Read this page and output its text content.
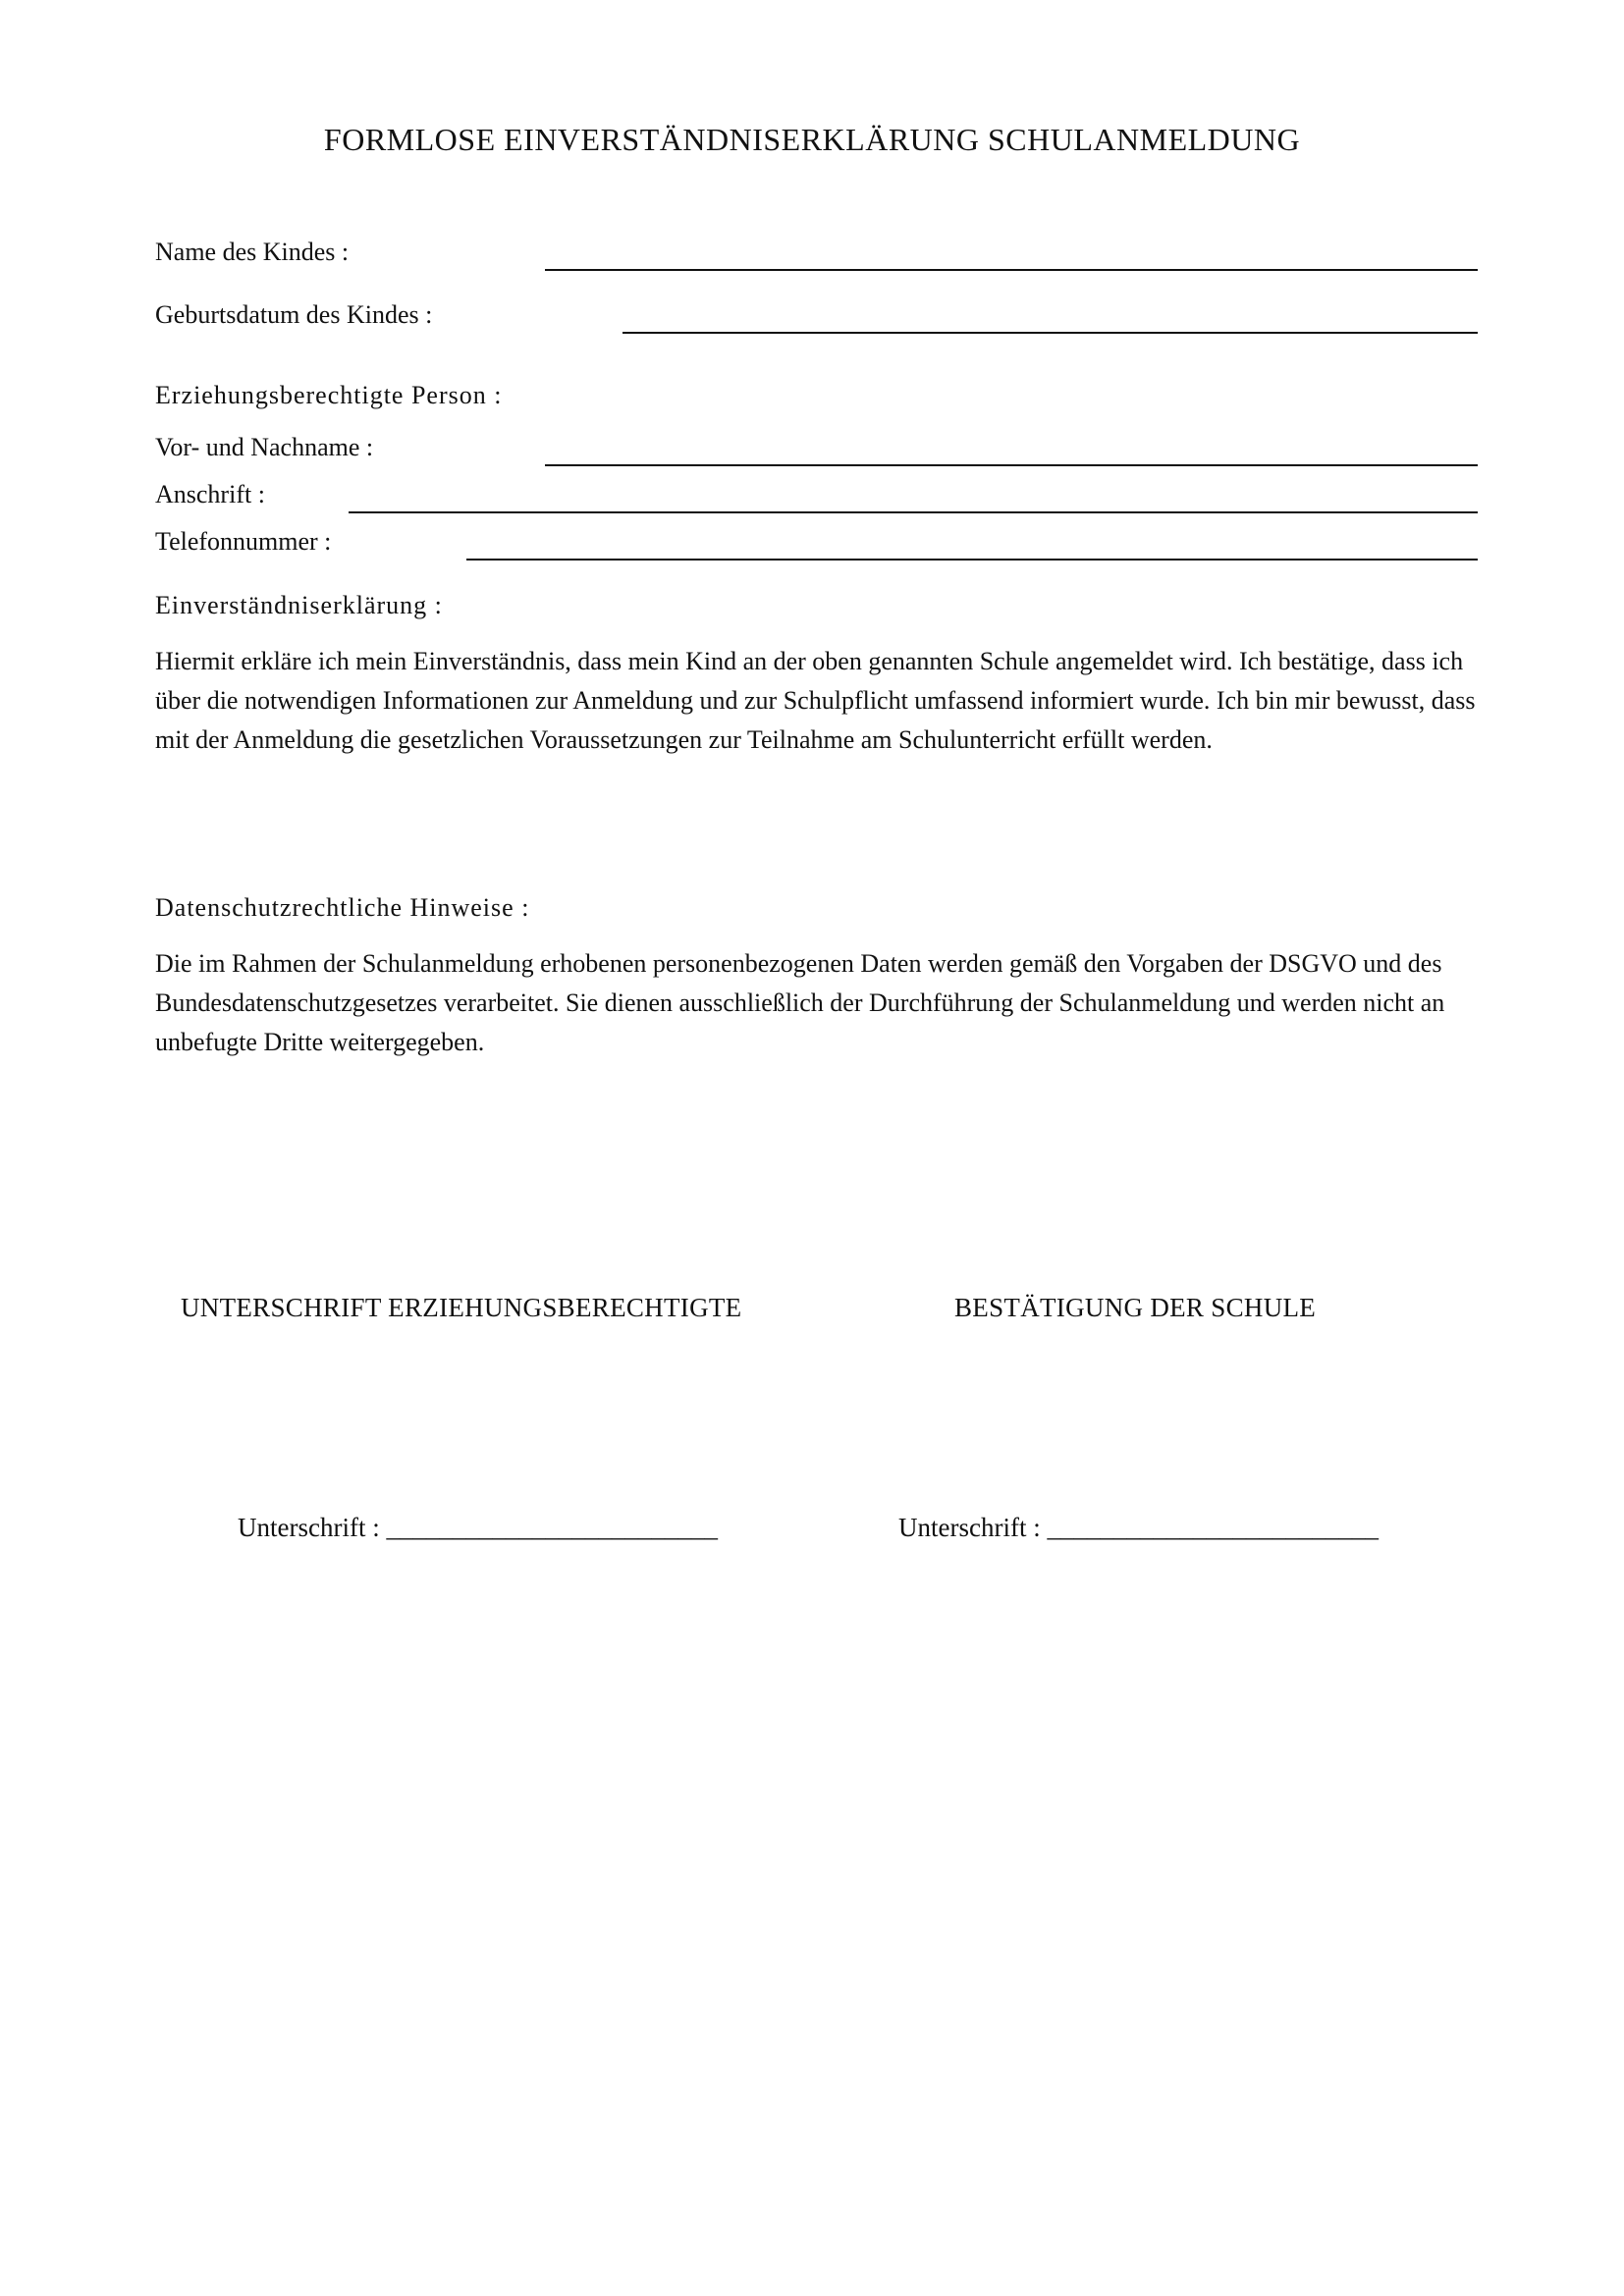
FORMLOSE EINVERSTÄNDNISERKLÄRUNG SCHULANMELDUNG
Name des Kindes :
Geburtsdatum des Kindes :
Erziehungsberechtigte Person :
Vor- und Nachname :
Anschrift :
Telefonnummer :
Einverständniserklärung :
Hiermit erkläre ich mein Einverständnis, dass mein Kind an der oben genannten Schule angemeldet wird. Ich bestätige, dass ich über die notwendigen Informationen zur Anmeldung und zur Schulpflicht umfassend informiert wurde. Ich bin mir bewusst, dass mit der Anmeldung die gesetzlichen Voraussetzungen zur Teilnahme am Schulunterricht erfüllt werden.
Datenschutzrechtliche Hinweise :
Die im Rahmen der Schulanmeldung erhobenen personenbezogenen Daten werden gemäß den Vorgaben der DSGVO und des Bundesdatenschutzgesetzes verarbeitet. Sie dienen ausschließlich der Durchführung der Schulanmeldung und werden nicht an unbefugte Dritte weitergegeben.
UNTERSCHRIFT ERZIEHUNGSBERECHTIGTE	BESTÄTIGUNG DER SCHULE
Unterschrift : _________________________	Unterschrift : _________________________
